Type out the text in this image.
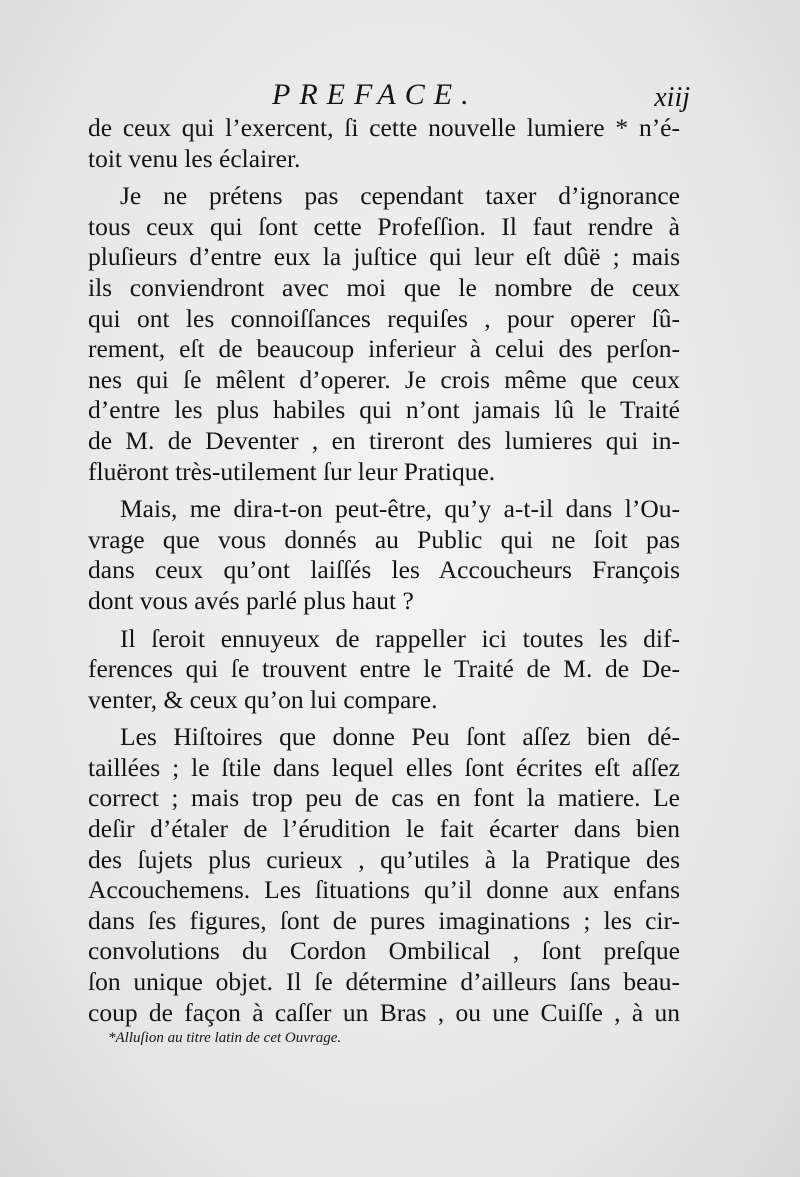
PREFACE.	xiij
de ceux qui l’exercent, ſi cette nouvelle lumiere * n’é-
toit venu les éclairer.
Je ne prétens pas cependant taxer d’ignorance
tous ceux qui ſont cette Profeſſion. Il faut rendre à
pluſieurs d’entre eux la juſtice qui leur eſt dûë ; mais
ils conviendront avec moi que le nombre de ceux
qui ont les connoiſſances requiſes , pour operer ſû-
rement, eſt de beaucoup inferieur à celui des perſon-
nes qui ſe mêlent d’operer. Je crois même que ceux
d’entre les plus habiles qui n’ont jamais lû le Traité
de M. de Deventer , en tireront des lumieres qui in-
fluëront très-utilement ſur leur Pratique.
Mais, me dira-t-on peut-être, qu’y a-t-il dans l’Ou-
vrage que vous donnés au Public qui ne ſoit pas
dans ceux qu’ont laiſſés les Accoucheurs François
dont vous avés parlé plus haut ?
Il ſeroit ennuyeux de rappeller ici toutes les dif-
ferences qui ſe trouvent entre le Traité de M. de De-
venter, & ceux qu’on lui compare.
Les Hiſtoires que donne Peu ſont aſſez bien dé-
taillées ; le ſtile dans lequel elles ſont écrites eſt aſſez
correct ; mais trop peu de cas en font la matiere. Le
deſir d’étaler de l’érudition le fait écarter dans bien
des ſujets plus curieux , qu’utiles à la Pratique des
Accouchemens. Les ſituations qu’il donne aux enfans
dans ſes figures, ſont de pures imaginations ; les cir-
convolutions du Cordon Ombilical , ſont preſque
ſon unique objet. Il ſe détermine d’ailleurs ſans beau-
coup de façon à caſſer un Bras , ou une Cuiſſe , à un
*Alluſion au titre latin de cet Ouvrage.
